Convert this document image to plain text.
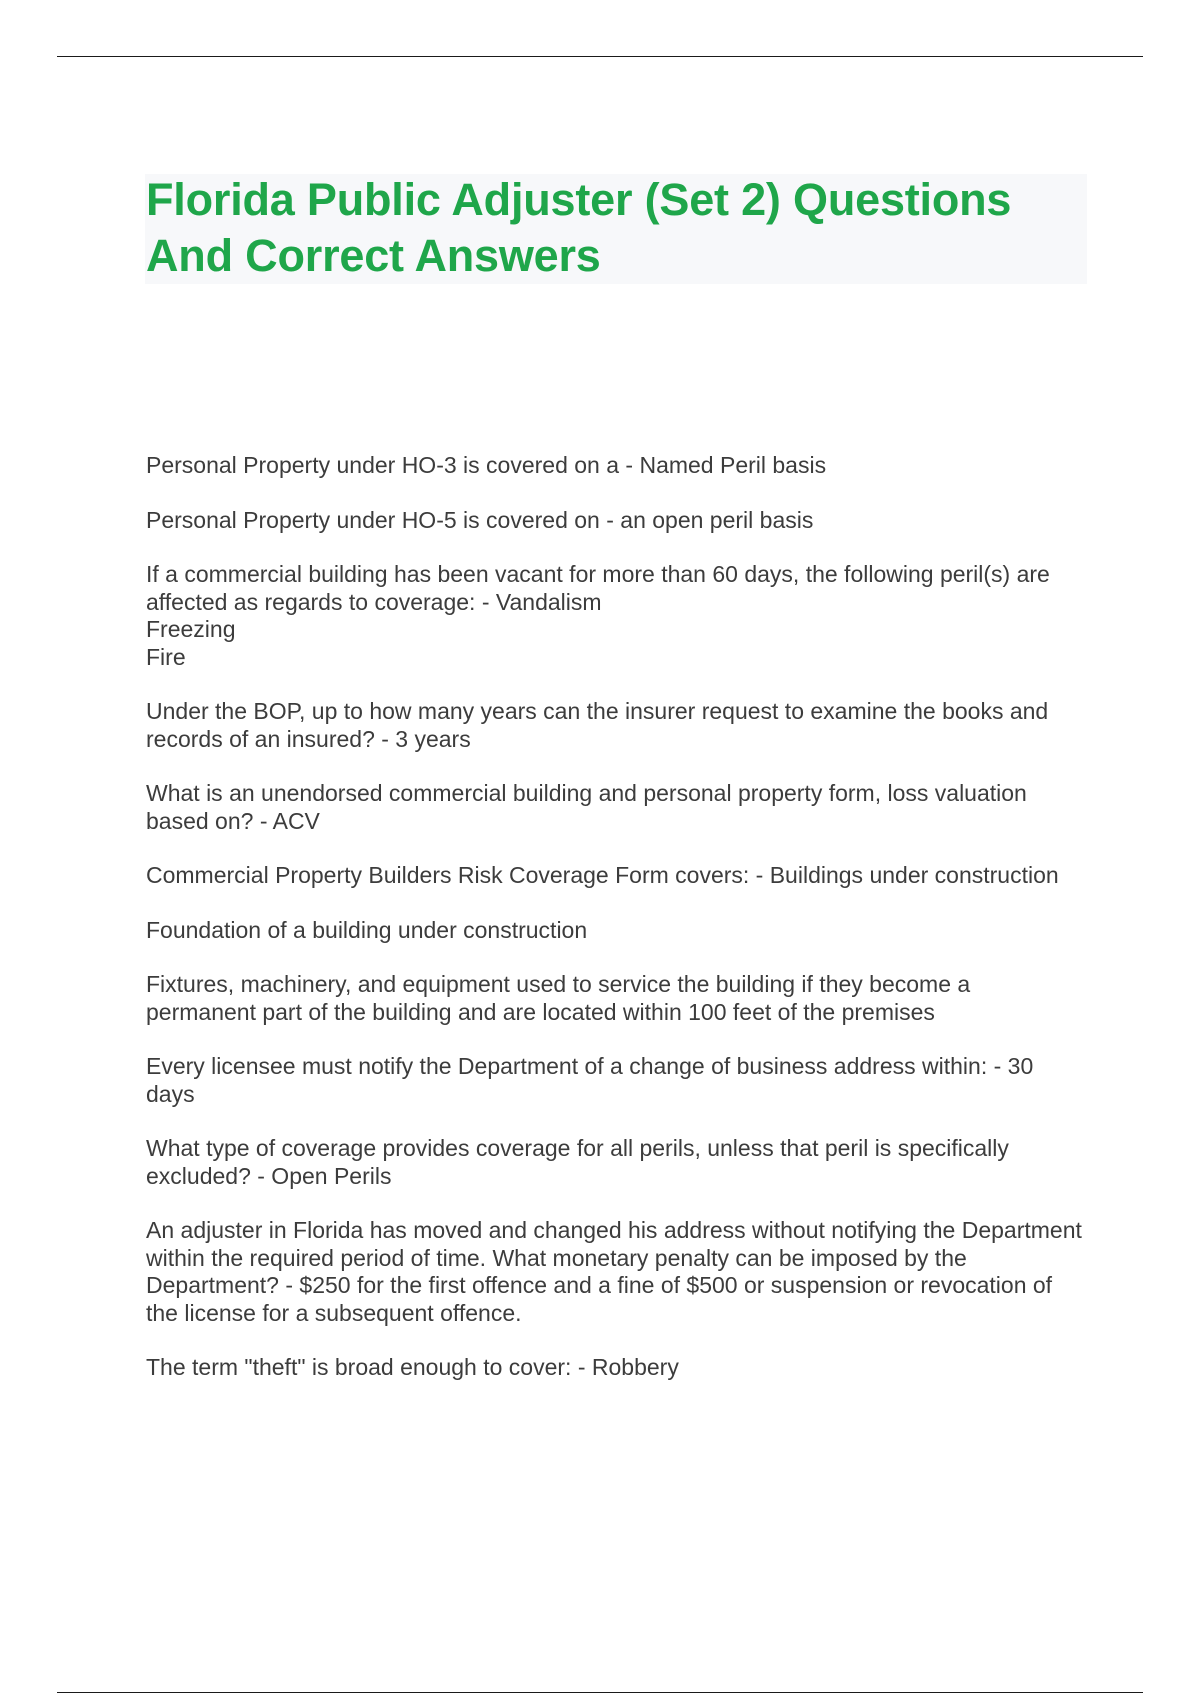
Florida Public Adjuster (Set 2) Questions And Correct Answers

Personal Property under HO-3 is covered on a - Named Peril basis

Personal Property under HO-5 is covered on - an open peril basis

If a commercial building has been vacant for more than 60 days, the following peril(s) are affected as regards to coverage: - Vandalism
Freezing
Fire

Under the BOP, up to how many years can the insurer request to examine the books and records of an insured? - 3 years

What is an unendorsed commercial building and personal property form, loss valuation based on? - ACV

Commercial Property Builders Risk Coverage Form covers: - Buildings under construction

Foundation of a building under construction

Fixtures, machinery, and equipment used to service the building if they become a permanent part of the building and are located within 100 feet of the premises

Every licensee must notify the Department of a change of business address within: - 30 days

What type of coverage provides coverage for all perils, unless that peril is specifically excluded? - Open Perils

An adjuster in Florida has moved and changed his address without notifying the Department within the required period of time. What monetary penalty can be imposed by the Department? - $250 for the first offence and a fine of $500 or suspension or revocation of the license for a subsequent offence.

The term "theft" is broad enough to cover: - Robbery
